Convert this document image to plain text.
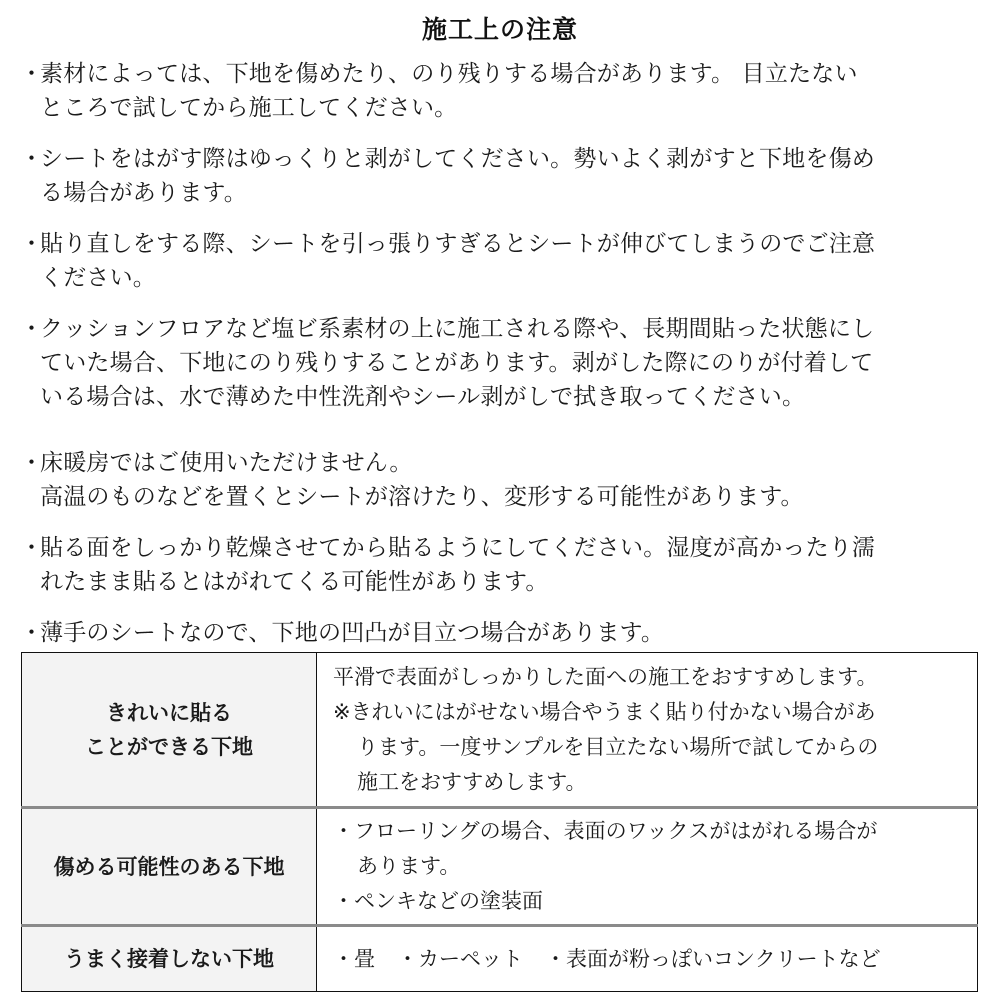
施工上の注意
・
素材によっては、下地を傷めたり、のり残りする場合があります。 目立たない
ところで試してから施工してください。
・
シートをはがす際はゆっくりと剥がしてください。勢いよく剥がすと下地を傷め
る場合があります。
・
貼り直しをする際、シートを引っ張りすぎるとシートが伸びてしまうのでご注意
ください。
・
クッションフロアなど塩ビ系素材の上に施工される際や、長期間貼った状態にし
ていた場合、下地にのり残りすることがあります。剥がした際にのりが付着して
いる場合は、水で薄めた中性洗剤やシール剥がしで拭き取ってください。
・
床暖房ではご使用いただけません。
高温のものなどを置くとシートが溶けたり、変形する可能性があります。
・
貼る面をしっかり乾燥させてから貼るようにしてください。湿度が高かったり濡
れたまま貼るとはがれてくる可能性があります。
・
薄手のシートなので、下地の凹凸が目立つ場合があります。
きれいに貼る
ことができる下地	平滑で表面がしっかりした面への施工をおすすめします。
※きれいにはがせない場合やうまく貼り付かない場合があ
ります。一度サンプルを目立たない場所で試してからの
施工をおすすめします。

傷める可能性のある下地	・フローリングの場合、表面のワックスがはがれる場合が
あります。
・ペンキなどの塗装面

うまく接着しない下地	・畳 ・カーペット ・表面が粉っぽいコンクリートなど
